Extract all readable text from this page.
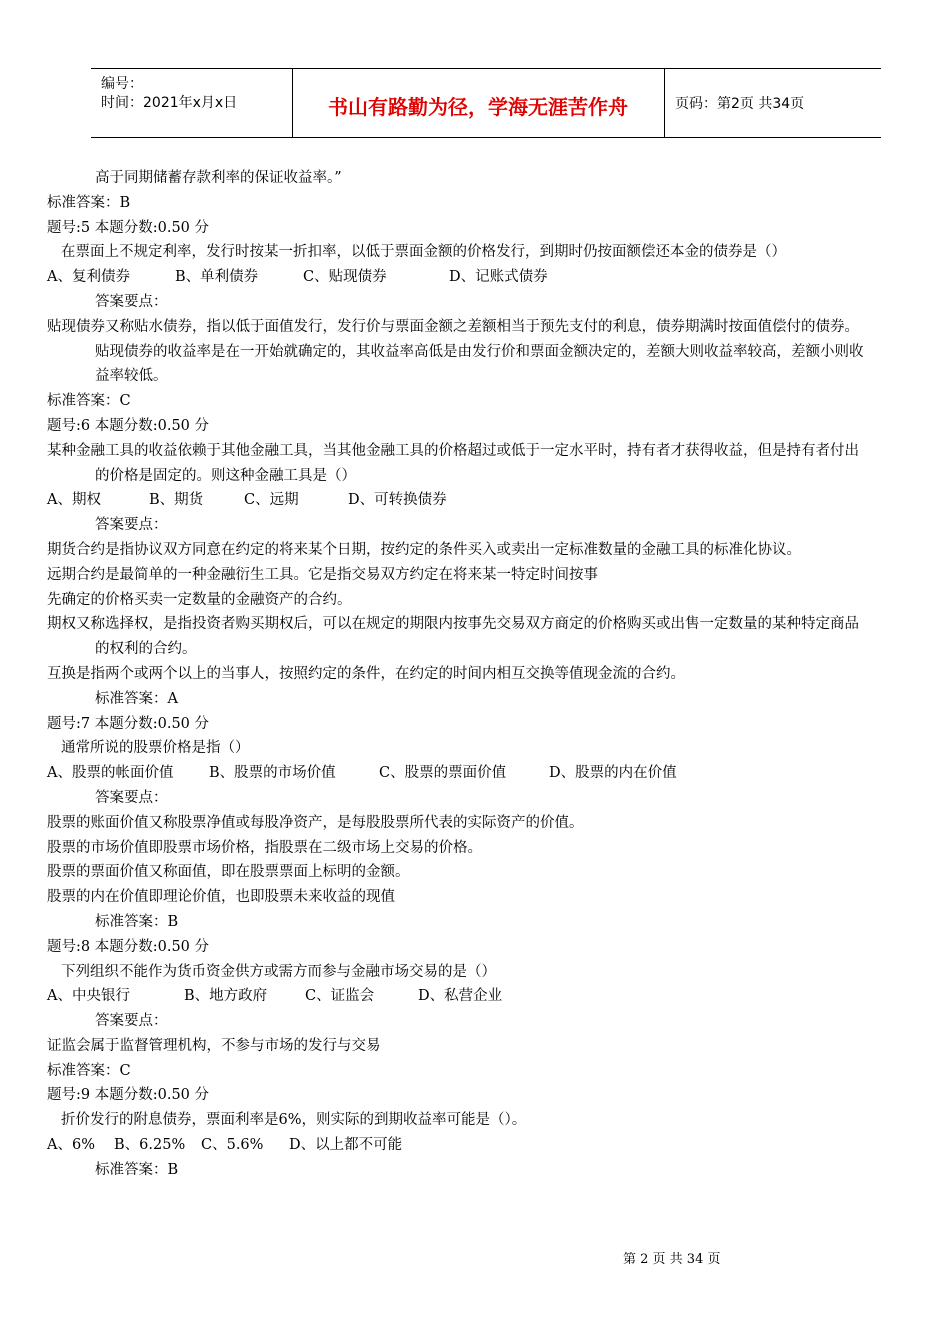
编号：
时间：2021年x月x日	书山有路勤为径，学海无涯苦作舟	页码：第2页 共34页

高于同期储蓄存款利率的保证收益率。”

标准答案：B

题号:5 本题分数:0.50 分

在票面上不规定利率，发行时按某一折扣率，以低于票面金额的价格发行，到期时仍按面额偿还本金的债券是（）

A、复利债券	B、单利债券	C、贴现债券	D、记账式债券

答案要点：

贴现债券又称贴水债券，指以低于面值发行，发行价与票面金额之差额相当于预先支付的利息，债券期满时按面值偿付的债券。贴现债券的收益率是在一开始就确定的，其收益率高低是由发行价和票面金额决定的，差额大则收益率较高，差额小则收益率较低。

标准答案：C

题号:6 本题分数:0.50 分

某种金融工具的收益依赖于其他金融工具，当其他金融工具的价格超过或低于一定水平时，持有者才获得收益，但是持有者付出的价格是固定的。则这种金融工具是（）

A、期权	B、期货	C、远期	D、可转换债券

答案要点：

期货合约是指协议双方同意在约定的将来某个日期，按约定的条件买入或卖出一定标准数量的金融工具的标准化协议。

远期合约是最简单的一种金融衍生工具。它是指交易双方约定在将来某一特定时间按事

先确定的价格买卖一定数量的金融资产的合约。

期权又称选择权，是指投资者购买期权后，可以在规定的期限内按事先交易双方商定的价格购买或出售一定数量的某种特定商品的权利的合约。

互换是指两个或两个以上的当事人，按照约定的条件，在约定的时间内相互交换等值现金流的合约。

标准答案：A

题号:7 本题分数:0.50 分

通常所说的股票价格是指（）

A、股票的帐面价值 B、股票的市场价值	C、股票的票面价值	D、股票的内在价值

答案要点：

股票的账面价值又称股票净值或每股净资产，是每股股票所代表的实际资产的价值。

股票的市场价值即股票市场价格，指股票在二级市场上交易的价格。

股票的票面价值又称面值，即在股票票面上标明的金额。

股票的内在价值即理论价值，也即股票未来收益的现值

标准答案：B

题号:8 本题分数:0.50 分

下列组织不能作为货币资金供方或需方而参与金融市场交易的是（）

A、中央银行	B、地方政府	C、证监会	D、私营企业

答案要点：

证监会属于监督管理机构，不参与市场的发行与交易

标准答案：C

题号:9 本题分数:0.50 分

折价发行的附息债券，票面利率是6%，则实际的到期收益率可能是（）。

A、6% B、6.25% C、5.6% D、以上都不可能

标准答案：B

第 2 页 共 34 页
